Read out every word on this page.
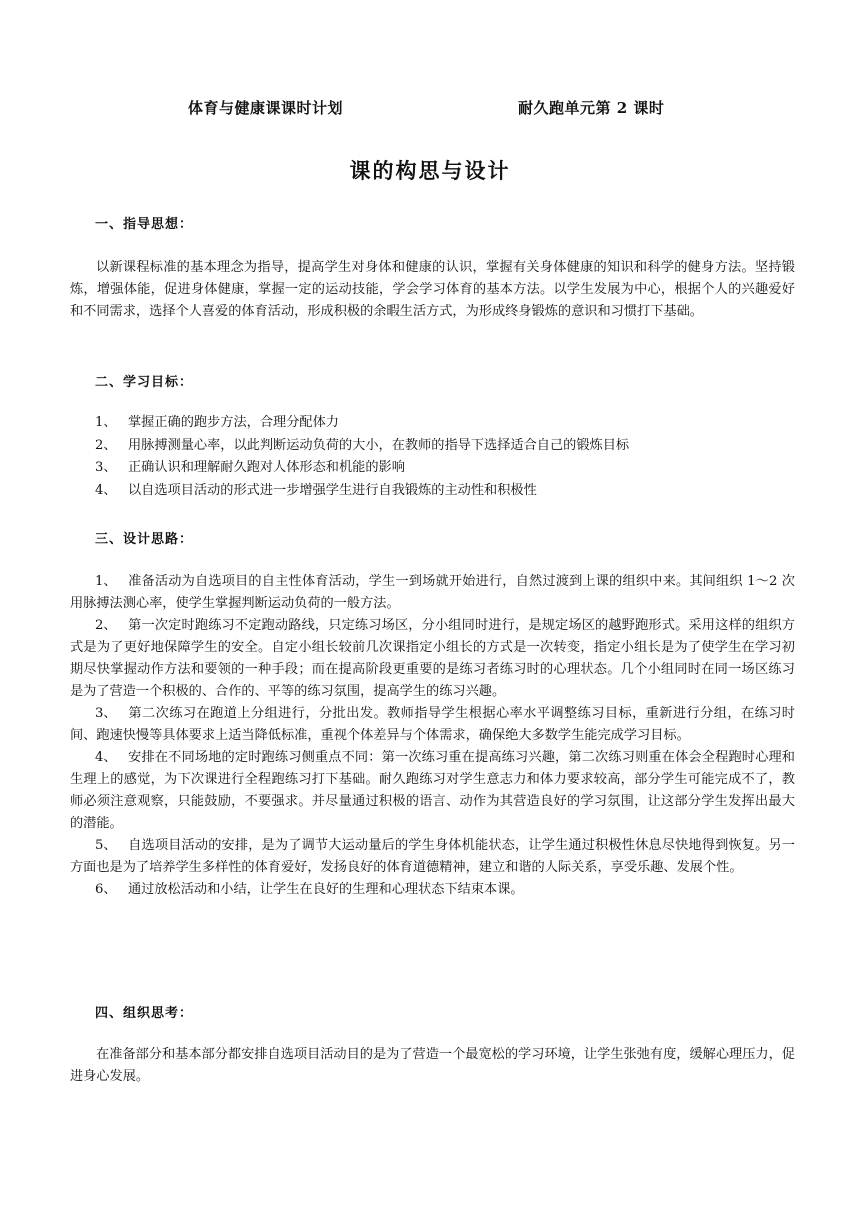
体育与健康课课时计划	耐久跑单元第 2 课时
课的构思与设计
一、指导思想：

以新课程标准的基本理念为指导，提高学生对身体和健康的认识，掌握有关身体健康的知识和科学的健身方法。坚持锻炼，增强体能，促进身体健康，掌握一定的运动技能，学会学习体育的基本方法。以学生发展为中心，根据个人的兴趣爱好和不同需求，选择个人喜爱的体育活动，形成积极的余暇生活方式，为形成终身锻炼的意识和习惯打下基础。

二、学习目标：
1、 掌握正确的跑步方法，合理分配体力
2、 用脉搏测量心率，以此判断运动负荷的大小，在教师的指导下选择适合自己的锻炼目标
3、 正确认识和理解耐久跑对人体形态和机能的影响
4、 以自选项目活动的形式进一步增强学生进行自我锻炼的主动性和积极性
三、设计思路：

1、 准备活动为自选项目的自主性体育活动，学生一到场就开始进行，自然过渡到上课的组织中来。其间组织 1～2 次用脉搏法测心率，使学生掌握判断运动负荷的一般方法。

2、 第一次定时跑练习不定跑动路线，只定练习场区，分小组同时进行，是规定场区的越野跑形式。采用这样的组织方式是为了更好地保障学生的安全。自定小组长较前几次课指定小组长的方式是一次转变，指定小组长是为了使学生在学习初期尽快掌握动作方法和要领的一种手段；而在提高阶段更重要的是练习者练习时的心理状态。几个小组同时在同一场区练习是为了营造一个积极的、合作的、平等的练习氛围，提高学生的练习兴趣。

3、 第二次练习在跑道上分组进行，分批出发。教师指导学生根据心率水平调整练习目标，重新进行分组，在练习时间、跑速快慢等具体要求上适当降低标准，重视个体差异与个体需求，确保绝大多数学生能完成学习目标。

4、 安排在不同场地的定时跑练习侧重点不同：第一次练习重在提高练习兴趣，第二次练习则重在体会全程跑时心理和生理上的感觉，为下次课进行全程跑练习打下基础。耐久跑练习对学生意志力和体力要求较高，部分学生可能完成不了，教师必须注意观察，只能鼓励，不要强求。并尽量通过积极的语言、动作为其营造良好的学习氛围，让这部分学生发挥出最大的潜能。

5、 自选项目活动的安排，是为了调节大运动量后的学生身体机能状态，让学生通过积极性休息尽快地得到恢复。另一方面也是为了培养学生多样性的体育爱好，发扬良好的体育道德精神，建立和谐的人际关系，享受乐趣、发展个性。

6、 通过放松活动和小结，让学生在良好的生理和心理状态下结束本课。

四、组织思考：

在准备部分和基本部分都安排自选项目活动目的是为了营造一个最宽松的学习环境，让学生张弛有度，缓解心理压力，促进身心发展。
